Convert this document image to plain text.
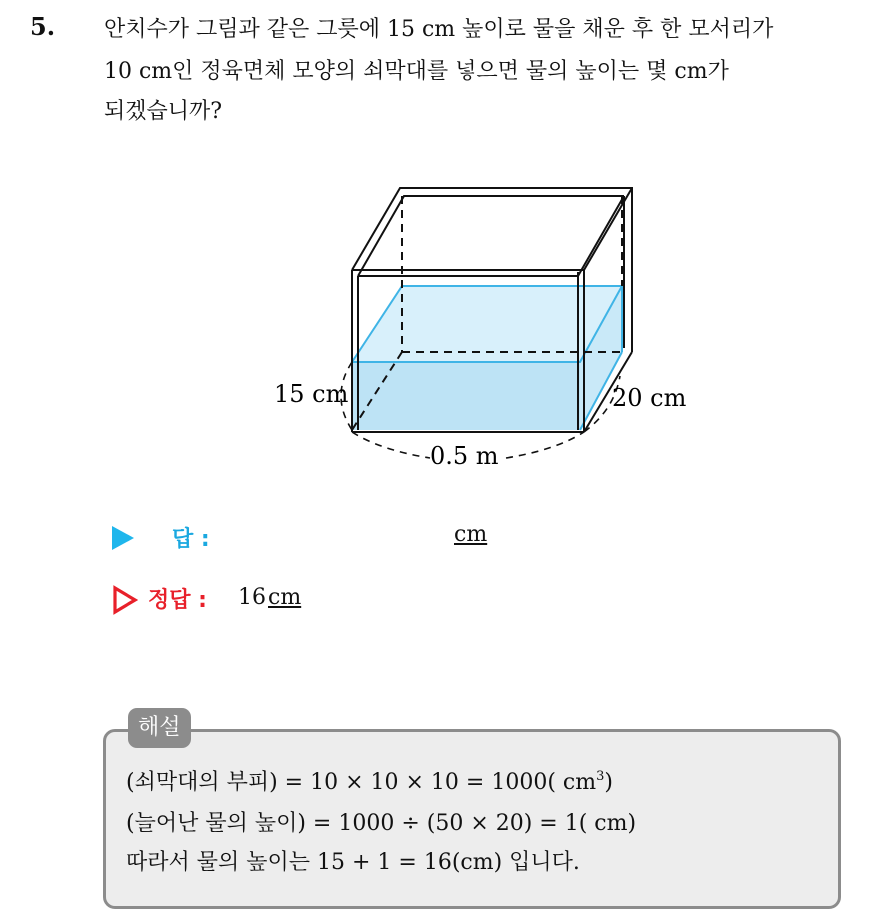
5. 안치수가 그림과 같은 그릇에 15 cm 높이로 물을 채운 후 한 모서리가
10 cm인 정육면체 모양의 쇠막대를 넣으면 물의 높이는 몇 cm가
되겠습니까?
15 cm	20 cm
0.5 m
답 :	cm
정답 : 16cm
해설
(쇠막대의 부피) = 10 × 10 × 10 = 1000( $cm^3$)
(늘어난 물의 높이) = 1000 ÷ (50 × 20) = 1( cm)
따라서 물의 높이는 15 + 1 = 16(cm) 입니다.
